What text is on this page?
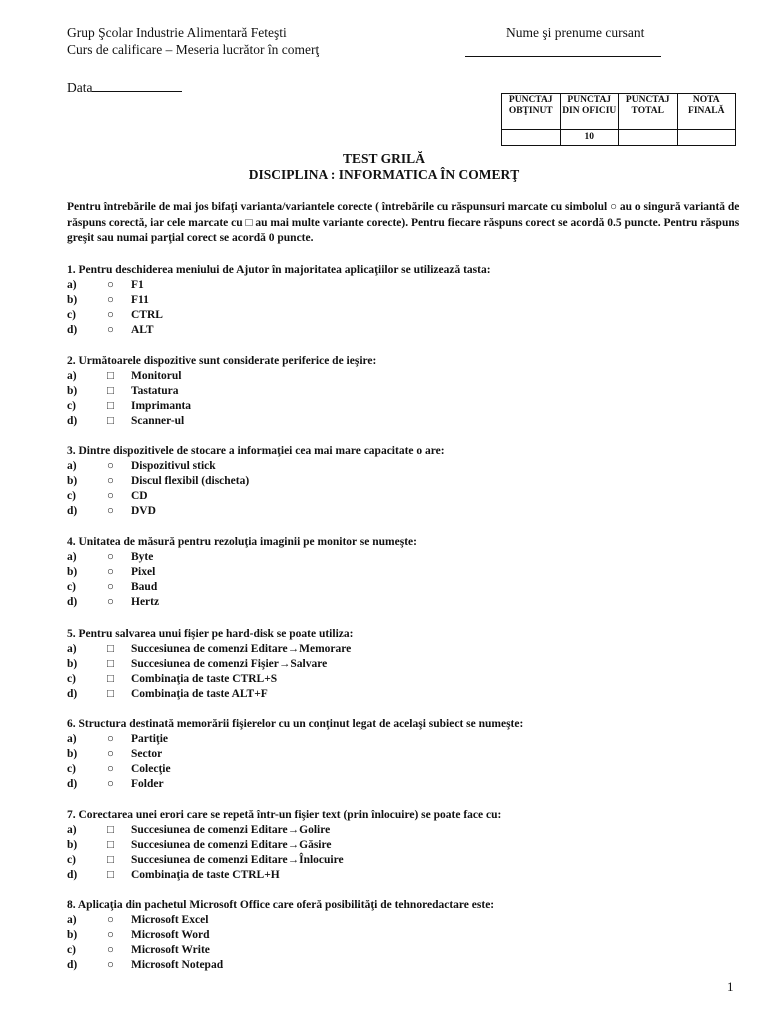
Grup Şcolar Industrie Alimentară Feteşti
Curs de calificare – Meseria lucrător în comerţ
Data
Nume şi prenume cursant
PUNCTAJ OBŢINUT	PUNCTAJ DIN OFICIU	PUNCTAJ TOTAL	NOTA FINALĂ
	10		
TEST GRILĂ
DISCIPLINA : INFORMATICA ÎN COMERŢ
Pentru întrebările de mai jos bifaţi varianta/variantele corecte ( întrebările cu răspunsuri marcate cu simbolul ○ au o singură variantă de răspuns corectă, iar cele marcate cu □ au mai multe variante corecte). Pentru fiecare răspuns corect se acordă 0.5 puncte. Pentru răspuns greşit sau numai parţial corect se acordă 0 puncte.
1. Pentru deschiderea meniului de Ajutor în majoritatea aplicaţiilor se utilizează tasta:
a)	○	F1
b)	○	F11
c)	○	CTRL
d)	○	ALT
2. Următoarele dispozitive sunt considerate periferice de ieşire:
a)	□	Monitorul
b)	□	Tastatura
c)	□	Imprimanta
d)	□	Scanner-ul
3. Dintre dispozitivele de stocare a informaţiei cea mai mare capacitate o are:
a)	○	Dispozitivul stick
b)	○	Discul flexibil (discheta)
c)	○	CD
d)	○	DVD
4. Unitatea de măsură pentru rezoluţia imaginii pe monitor se numeşte:
a)	○	Byte
b)	○	Pixel
c)	○	Baud
d)	○	Hertz
5. Pentru salvarea unui fişier pe hard-disk se poate utiliza:
a)	□	Succesiunea de comenzi Editare→Memorare
b)	□	Succesiunea de comenzi Fişier→Salvare
c)	□	Combinaţia de taste CTRL+S
d)	□	Combinaţia de taste ALT+F
6. Structura destinată memorării fişierelor cu un conţinut legat de acelaşi subiect se numeşte:
a)	○	Partiţie
b)	○	Sector
c)	○	Colecţie
d)	○	Folder
7. Corectarea unei erori care se repetă într-un fişier text (prin înlocuire) se poate face cu:
a)	□	Succesiunea de comenzi Editare→Golire
b)	□	Succesiunea de comenzi Editare→Găsire
c)	□	Succesiunea de comenzi Editare→Înlocuire
d)	□	Combinaţia de taste CTRL+H
8. Aplicaţia din pachetul Microsoft Office care oferă posibilităţi de tehnoredactare este:
a)	○	Microsoft Excel
b)	○	Microsoft Word
c)	○	Microsoft Write
d)	○	Microsoft Notepad
1
